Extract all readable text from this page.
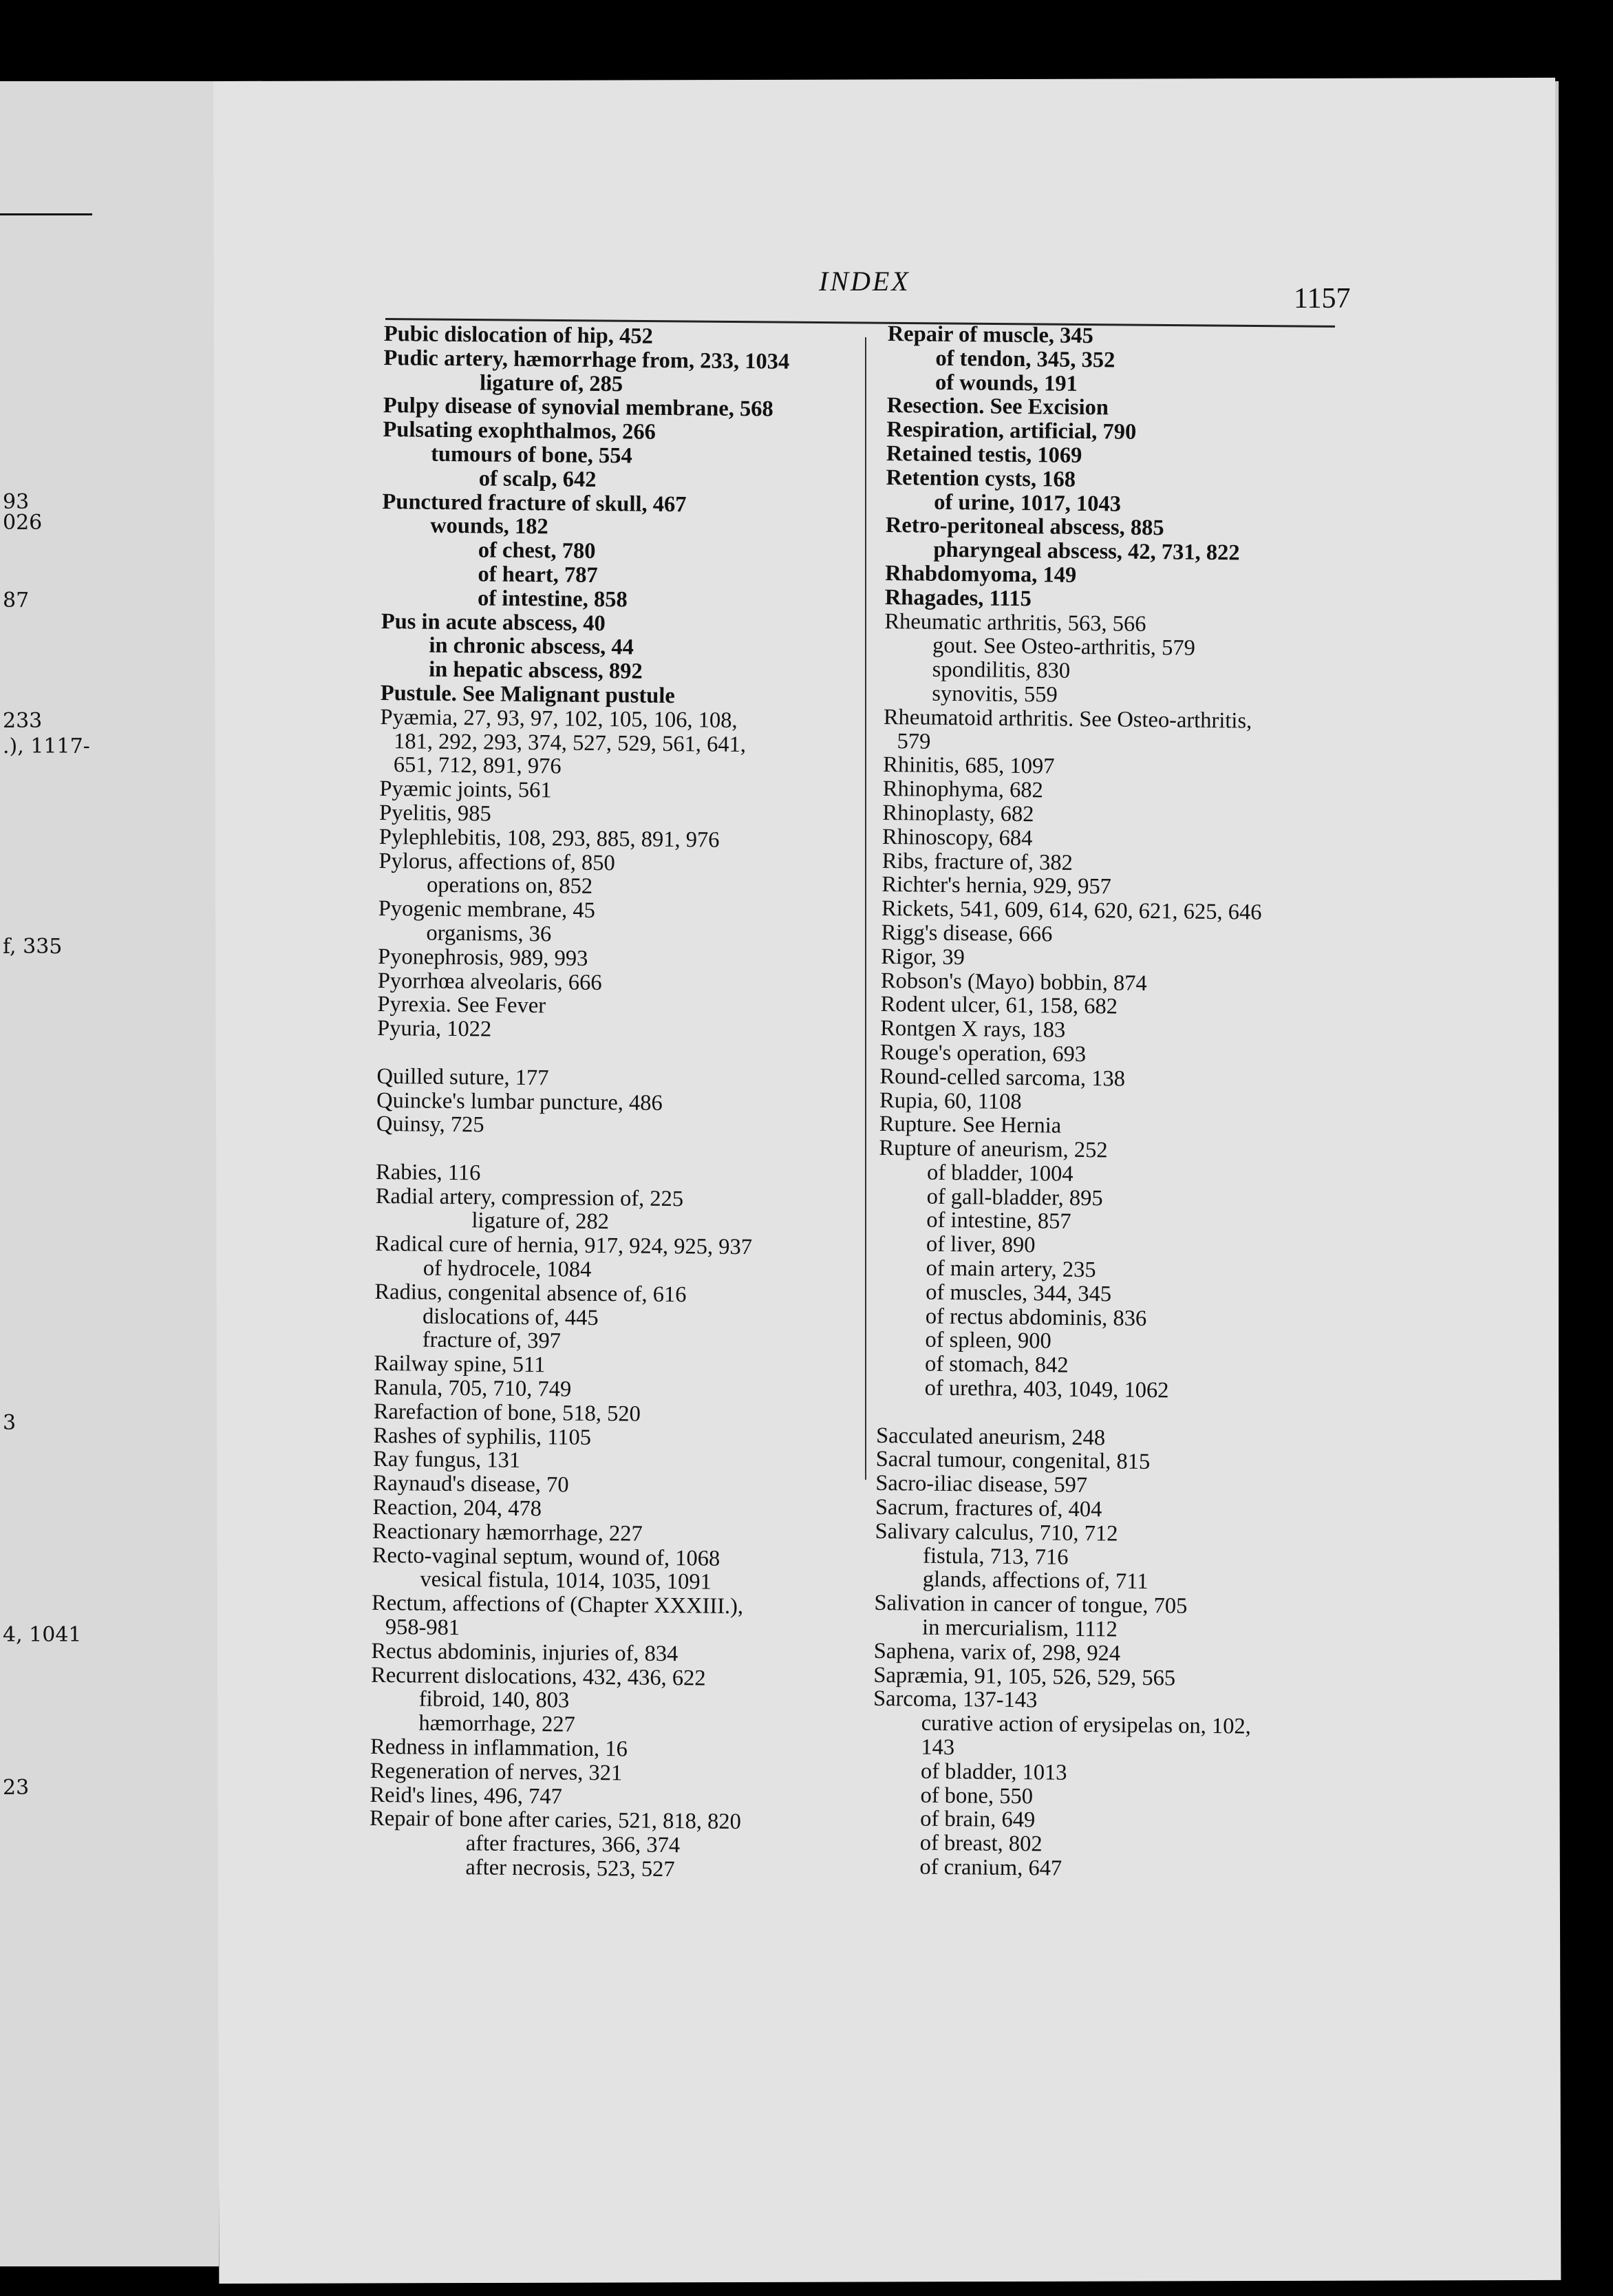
93
026
87
233
.), 1117-
f, 335
3
4, 1041
23
INDEX
1157
Pubic dislocation of hip, 452
Pudic artery, hæmorrhage from, 233, 1034
ligature of, 285
Pulpy disease of synovial membrane, 568
Pulsating exophthalmos, 266
tumours of bone, 554
of scalp, 642
Punctured fracture of skull, 467
wounds, 182
of chest, 780
of heart, 787
of intestine, 858
Pus in acute abscess, 40
in chronic abscess, 44
in hepatic abscess, 892
Pustule. See Malignant pustule
Pyæmia, 27, 93, 97, 102, 105, 106, 108,
181, 292, 293, 374, 527, 529, 561, 641,
651, 712, 891, 976
Pyæmic joints, 561
Pyelitis, 985
Pylephlebitis, 108, 293, 885, 891, 976
Pylorus, affections of, 850
operations on, 852
Pyogenic membrane, 45
organisms, 36
Pyonephrosis, 989, 993
Pyorrhœa alveolaris, 666
Pyrexia. See Fever
Pyuria, 1022
Quilled suture, 177
Quincke's lumbar puncture, 486
Quinsy, 725
Rabies, 116
Radial artery, compression of, 225
ligature of, 282
Radical cure of hernia, 917, 924, 925, 937
of hydrocele, 1084
Radius, congenital absence of, 616
dislocations of, 445
fracture of, 397
Railway spine, 511
Ranula, 705, 710, 749
Rarefaction of bone, 518, 520
Rashes of syphilis, 1105
Ray fungus, 131
Raynaud's disease, 70
Reaction, 204, 478
Reactionary hæmorrhage, 227
Recto-vaginal septum, wound of, 1068
vesical fistula, 1014, 1035, 1091
Rectum, affections of (Chapter XXXIII.),
958-981
Rectus abdominis, injuries of, 834
Recurrent dislocations, 432, 436, 622
fibroid, 140, 803
hæmorrhage, 227
Redness in inflammation, 16
Regeneration of nerves, 321
Reid's lines, 496, 747
Repair of bone after caries, 521, 818, 820
after fractures, 366, 374
after necrosis, 523, 527
Repair of muscle, 345
of tendon, 345, 352
of wounds, 191
Resection. See Excision
Respiration, artificial, 790
Retained testis, 1069
Retention cysts, 168
of urine, 1017, 1043
Retro-peritoneal abscess, 885
pharyngeal abscess, 42, 731, 822
Rhabdomyoma, 149
Rhagades, 1115
Rheumatic arthritis, 563, 566
gout. See Osteo-arthritis, 579
spondilitis, 830
synovitis, 559
Rheumatoid arthritis. See Osteo-arthritis,
579
Rhinitis, 685, 1097
Rhinophyma, 682
Rhinoplasty, 682
Rhinoscopy, 684
Ribs, fracture of, 382
Richter's hernia, 929, 957
Rickets, 541, 609, 614, 620, 621, 625, 646
Rigg's disease, 666
Rigor, 39
Robson's (Mayo) bobbin, 874
Rodent ulcer, 61, 158, 682
Rontgen X rays, 183
Rouge's operation, 693
Round-celled sarcoma, 138
Rupia, 60, 1108
Rupture. See Hernia
Rupture of aneurism, 252
of bladder, 1004
of gall-bladder, 895
of intestine, 857
of liver, 890
of main artery, 235
of muscles, 344, 345
of rectus abdominis, 836
of spleen, 900
of stomach, 842
of urethra, 403, 1049, 1062
Sacculated aneurism, 248
Sacral tumour, congenital, 815
Sacro-iliac disease, 597
Sacrum, fractures of, 404
Salivary calculus, 710, 712
fistula, 713, 716
glands, affections of, 711
Salivation in cancer of tongue, 705
in mercurialism, 1112
Saphena, varix of, 298, 924
Sapræmia, 91, 105, 526, 529, 565
Sarcoma, 137-143
curative action of erysipelas on, 102,
143
of bladder, 1013
of bone, 550
of brain, 649
of breast, 802
of cranium, 647
